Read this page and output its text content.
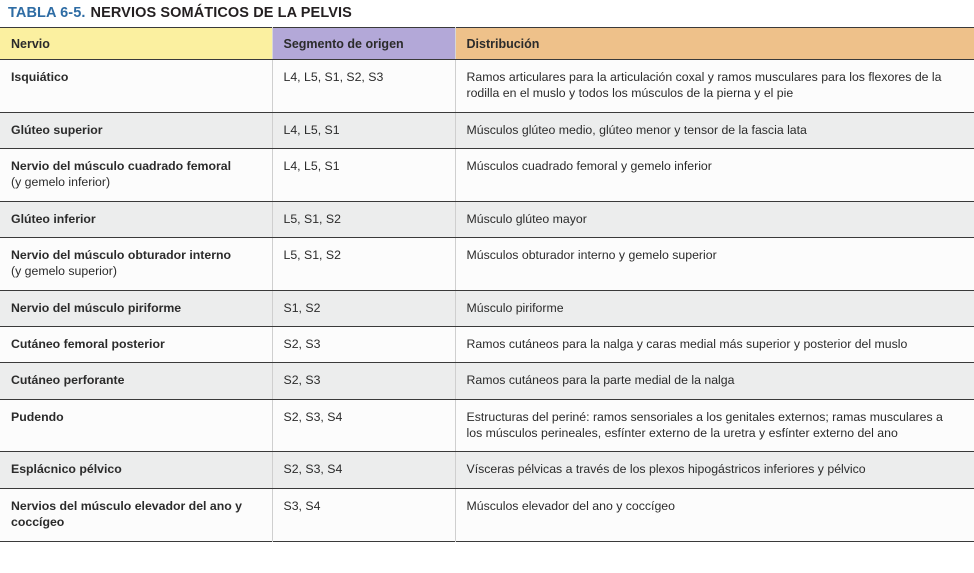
TABLA 6-5. NERVIOS SOMÁTICOS DE LA PELVIS
Nervio	Segmento de origen	Distribución

Isquiático	L4, L5, S1, S2, S3	Ramos articulares para la articulación coxal y ramos musculares para los flexores de la rodilla en el muslo y todos los músculos de la pierna y el pie

Glúteo superior	L4, L5, S1	Músculos glúteo medio, glúteo menor y tensor de la fascia lata

Nervio del músculo cuadrado femoral
(y gemelo inferior)	L4, L5, S1	Músculos cuadrado femoral y gemelo inferior

Glúteo inferior	L5, S1, S2	Músculo glúteo mayor

Nervio del músculo obturador interno
(y gemelo superior)	L5, S1, S2	Músculos obturador interno y gemelo superior

Nervio del músculo piriforme	S1, S2	Músculo piriforme

Cutáneo femoral posterior	S2, S3	Ramos cutáneos para la nalga y caras medial más superior y posterior del muslo

Cutáneo perforante	S2, S3	Ramos cutáneos para la parte medial de la nalga

Pudendo	S2, S3, S4	Estructuras del periné: ramos sensoriales a los genitales externos; ramas musculares a los músculos perineales, esfínter externo de la uretra y esfínter externo del ano

Esplácnico pélvico	S2, S3, S4	Vísceras pélvicas a través de los plexos hipogástricos inferiores y pélvico

Nervios del músculo elevador del ano y coccígeo	S3, S4	Músculos elevador del ano y coccígeo
